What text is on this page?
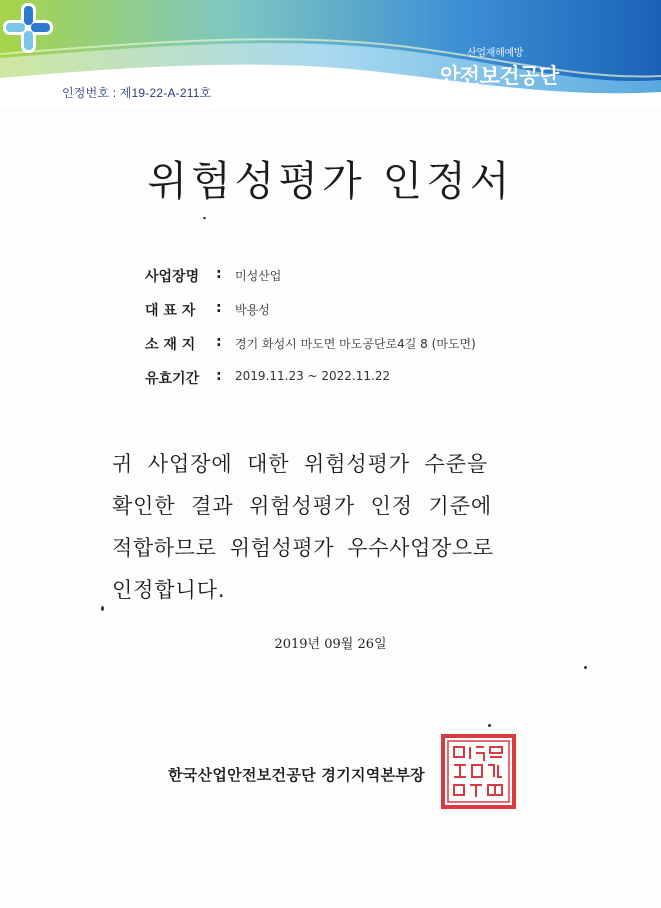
인정번호 : 제19-22-A-211호
산업재해예방
안전보건공단
위험성평가 인정서
사업장명	: 미성산업
대 표 자	: 박용성
소 재 지	: 경기 화성시 마도면 마도공단로4길 8 (마도면)
유효기간	: 2019.11.23 ~ 2022.11.22
귀 사업장에 대한 위험성평가 수준을
확인한 결과 위험성평가 인정 기준에
적합하므로 위험성평가 우수사업장으로
인정합니다.
2019년 09월 26일
한국산업안전보건공단 경기지역본부장
